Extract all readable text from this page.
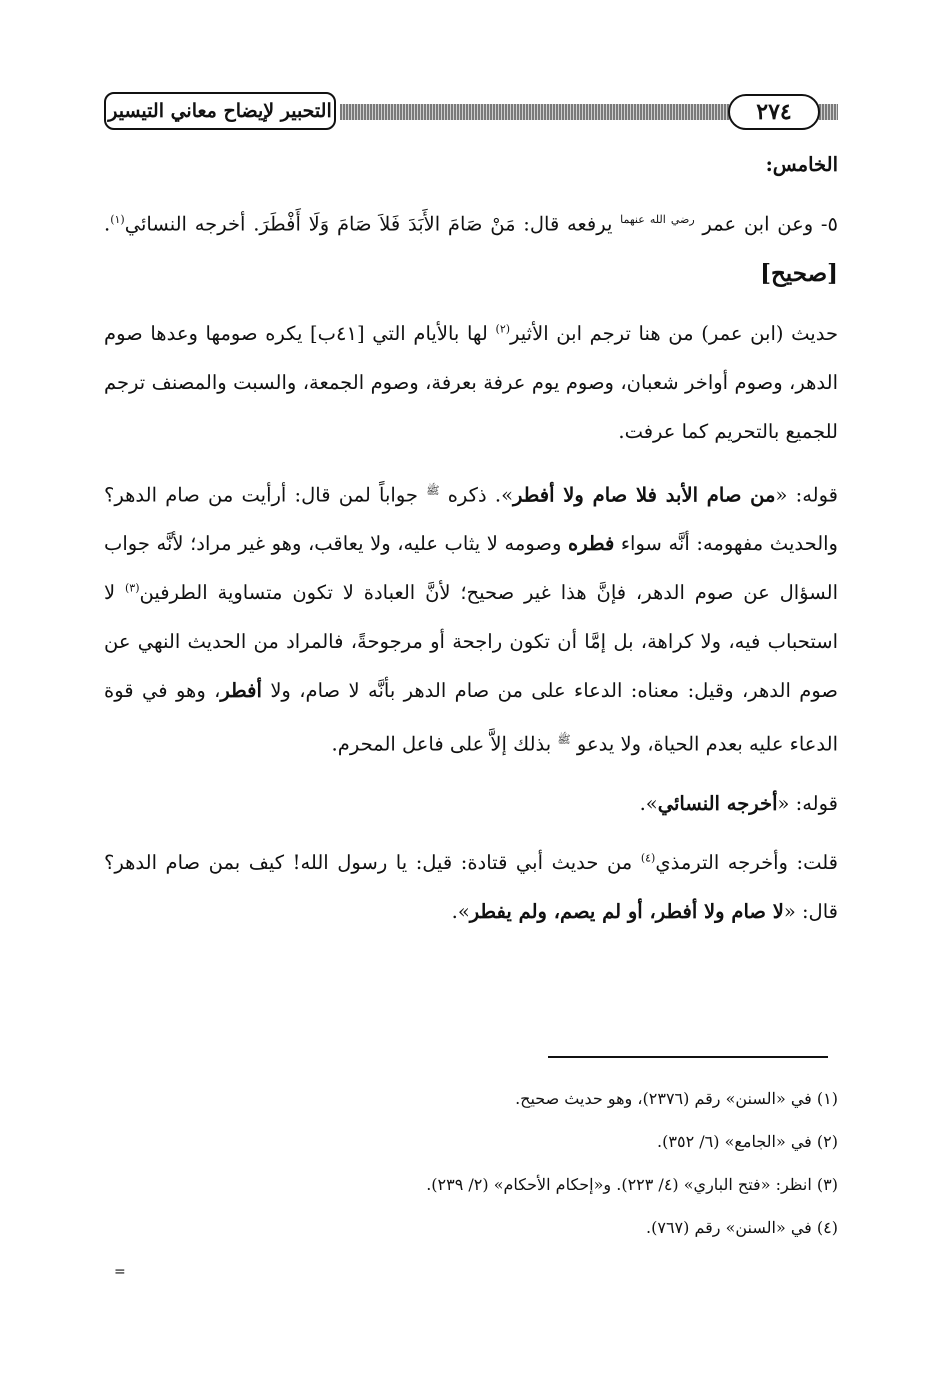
التحبير لإيضاح معاني التيسير	٢٧٤

الخامس:

٥- وعن ابن عمر $^{رضي الله عنهما}$ يرفعه قال: مَنْ صَامَ الأَبَدَ فَلاَ صَامَ وَلَا أَفْطَرَ. أخرجه النسائي$^{(١)}$. [صحيح]

حديث (ابن عمر) من هنا ترجم ابن الأثير$^{(٢)}$ لها بالأيام التي [٤١ب] يكره صومها وعدها صوم الدهر، وصوم أواخر شعبان، وصوم يوم عرفة بعرفة، وصوم الجمعة، والسبت والمصنف ترجم للجميع بالتحريم كما عرفت.

قوله: «من صام الأبد فلا صام ولا أفطر». ذكره $^ﷺ$ جواباً لمن قال: أرأيت من صام الدهر؟ والحديث مفهومه: أنَّه سواء فطره وصومه لا يثاب عليه، ولا يعاقب، وهو غير مراد؛ لأنَّه جواب السؤال عن صوم الدهر، فإنَّ هذا غير صحيح؛ لأنَّ العبادة لا تكون متساوية الطرفين$^{(٣)}$ لا استحباب فيه، ولا كراهة، بل إمَّا أن تكون راجحة أو مرجوحةً، فالمراد من الحديث النهي عن صوم الدهر، وقيل: معناه: الدعاء على من صام الدهر بأنَّه لا صام، ولا أفطر، وهو في قوة الدعاء عليه بعدم الحياة، ولا يدعو $^ﷺ$ بذلك إلاَّ على فاعل المحرم.

قوله: «أخرجه النسائي».

قلت: وأخرجه الترمذي$^{(٤)}$ من حديث أبي قتادة: قيل: يا رسول الله! كيف بمن صام الدهر؟ قال: «لا صام ولا أفطر، أو لم يصم، ولم يفطر».

(١) في «السنن» رقم (٢٣٧٦)، وهو حديث صحيح.
(٢) في «الجامع» (٦/ ٣٥٢).
(٣) انظر: «فتح الباري» (٤/ ٢٢٣). و«إحكام الأحكام» (٢/ ٢٣٩).
(٤) في «السنن» رقم (٧٦٧).
=
